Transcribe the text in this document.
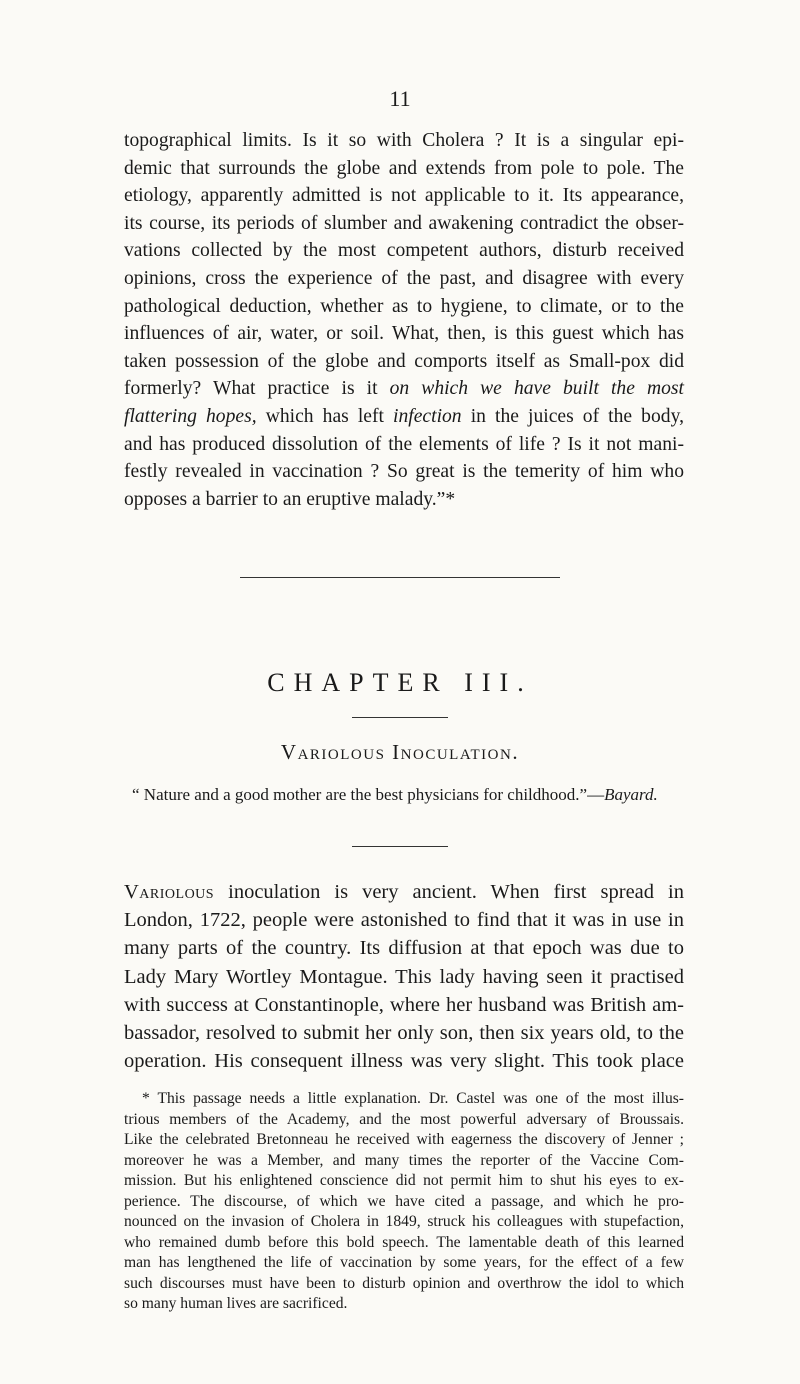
11
topographical limits. Is it so with Cholera ? It is a singular epi-
demic that surrounds the globe and extends from pole to pole. The
etiology, apparently admitted is not applicable to it. Its appearance,
its course, its periods of slumber and awakening contradict the obser-
vations collected by the most competent authors, disturb received
opinions, cross the experience of the past, and disagree with every
pathological deduction, whether as to hygiene, to climate, or to the
influences of air, water, or soil. What, then, is this guest which has
taken possession of the globe and comports itself as Small-pox did
formerly? What practice is it on which we have built the most
flattering hopes, which has left infection in the juices of the body,
and has produced dissolution of the elements of life ? Is it not mani-
festly revealed in vaccination ? So great is the temerity of him who
opposes a barrier to an eruptive malady.”*
CHAPTER III.
Variolous Inoculation.
“ Nature and a good mother are the best physicians for childhood.”—Bayard.
Variolous inoculation is very ancient. When first spread in
London, 1722, people were astonished to find that it was in use in
many parts of the country. Its diffusion at that epoch was due to
Lady Mary Wortley Montague. This lady having seen it practised
with success at Constantinople, where her husband was British am-
bassador, resolved to submit her only son, then six years old, to the
operation. His consequent illness was very slight. This took place
* This passage needs a little explanation. Dr. Castel was one of the most illus-
trious members of the Academy, and the most powerful adversary of Broussais.
Like the celebrated Bretonneau he received with eagerness the discovery of Jenner ;
moreover he was a Member, and many times the reporter of the Vaccine Com-
mission. But his enlightened conscience did not permit him to shut his eyes to ex-
perience. The discourse, of which we have cited a passage, and which he pro-
nounced on the invasion of Cholera in 1849, struck his colleagues with stupefaction,
who remained dumb before this bold speech. The lamentable death of this learned
man has lengthened the life of vaccination by some years, for the effect of a few
such discourses must have been to disturb opinion and overthrow the idol to which
so many human lives are sacrificed.
